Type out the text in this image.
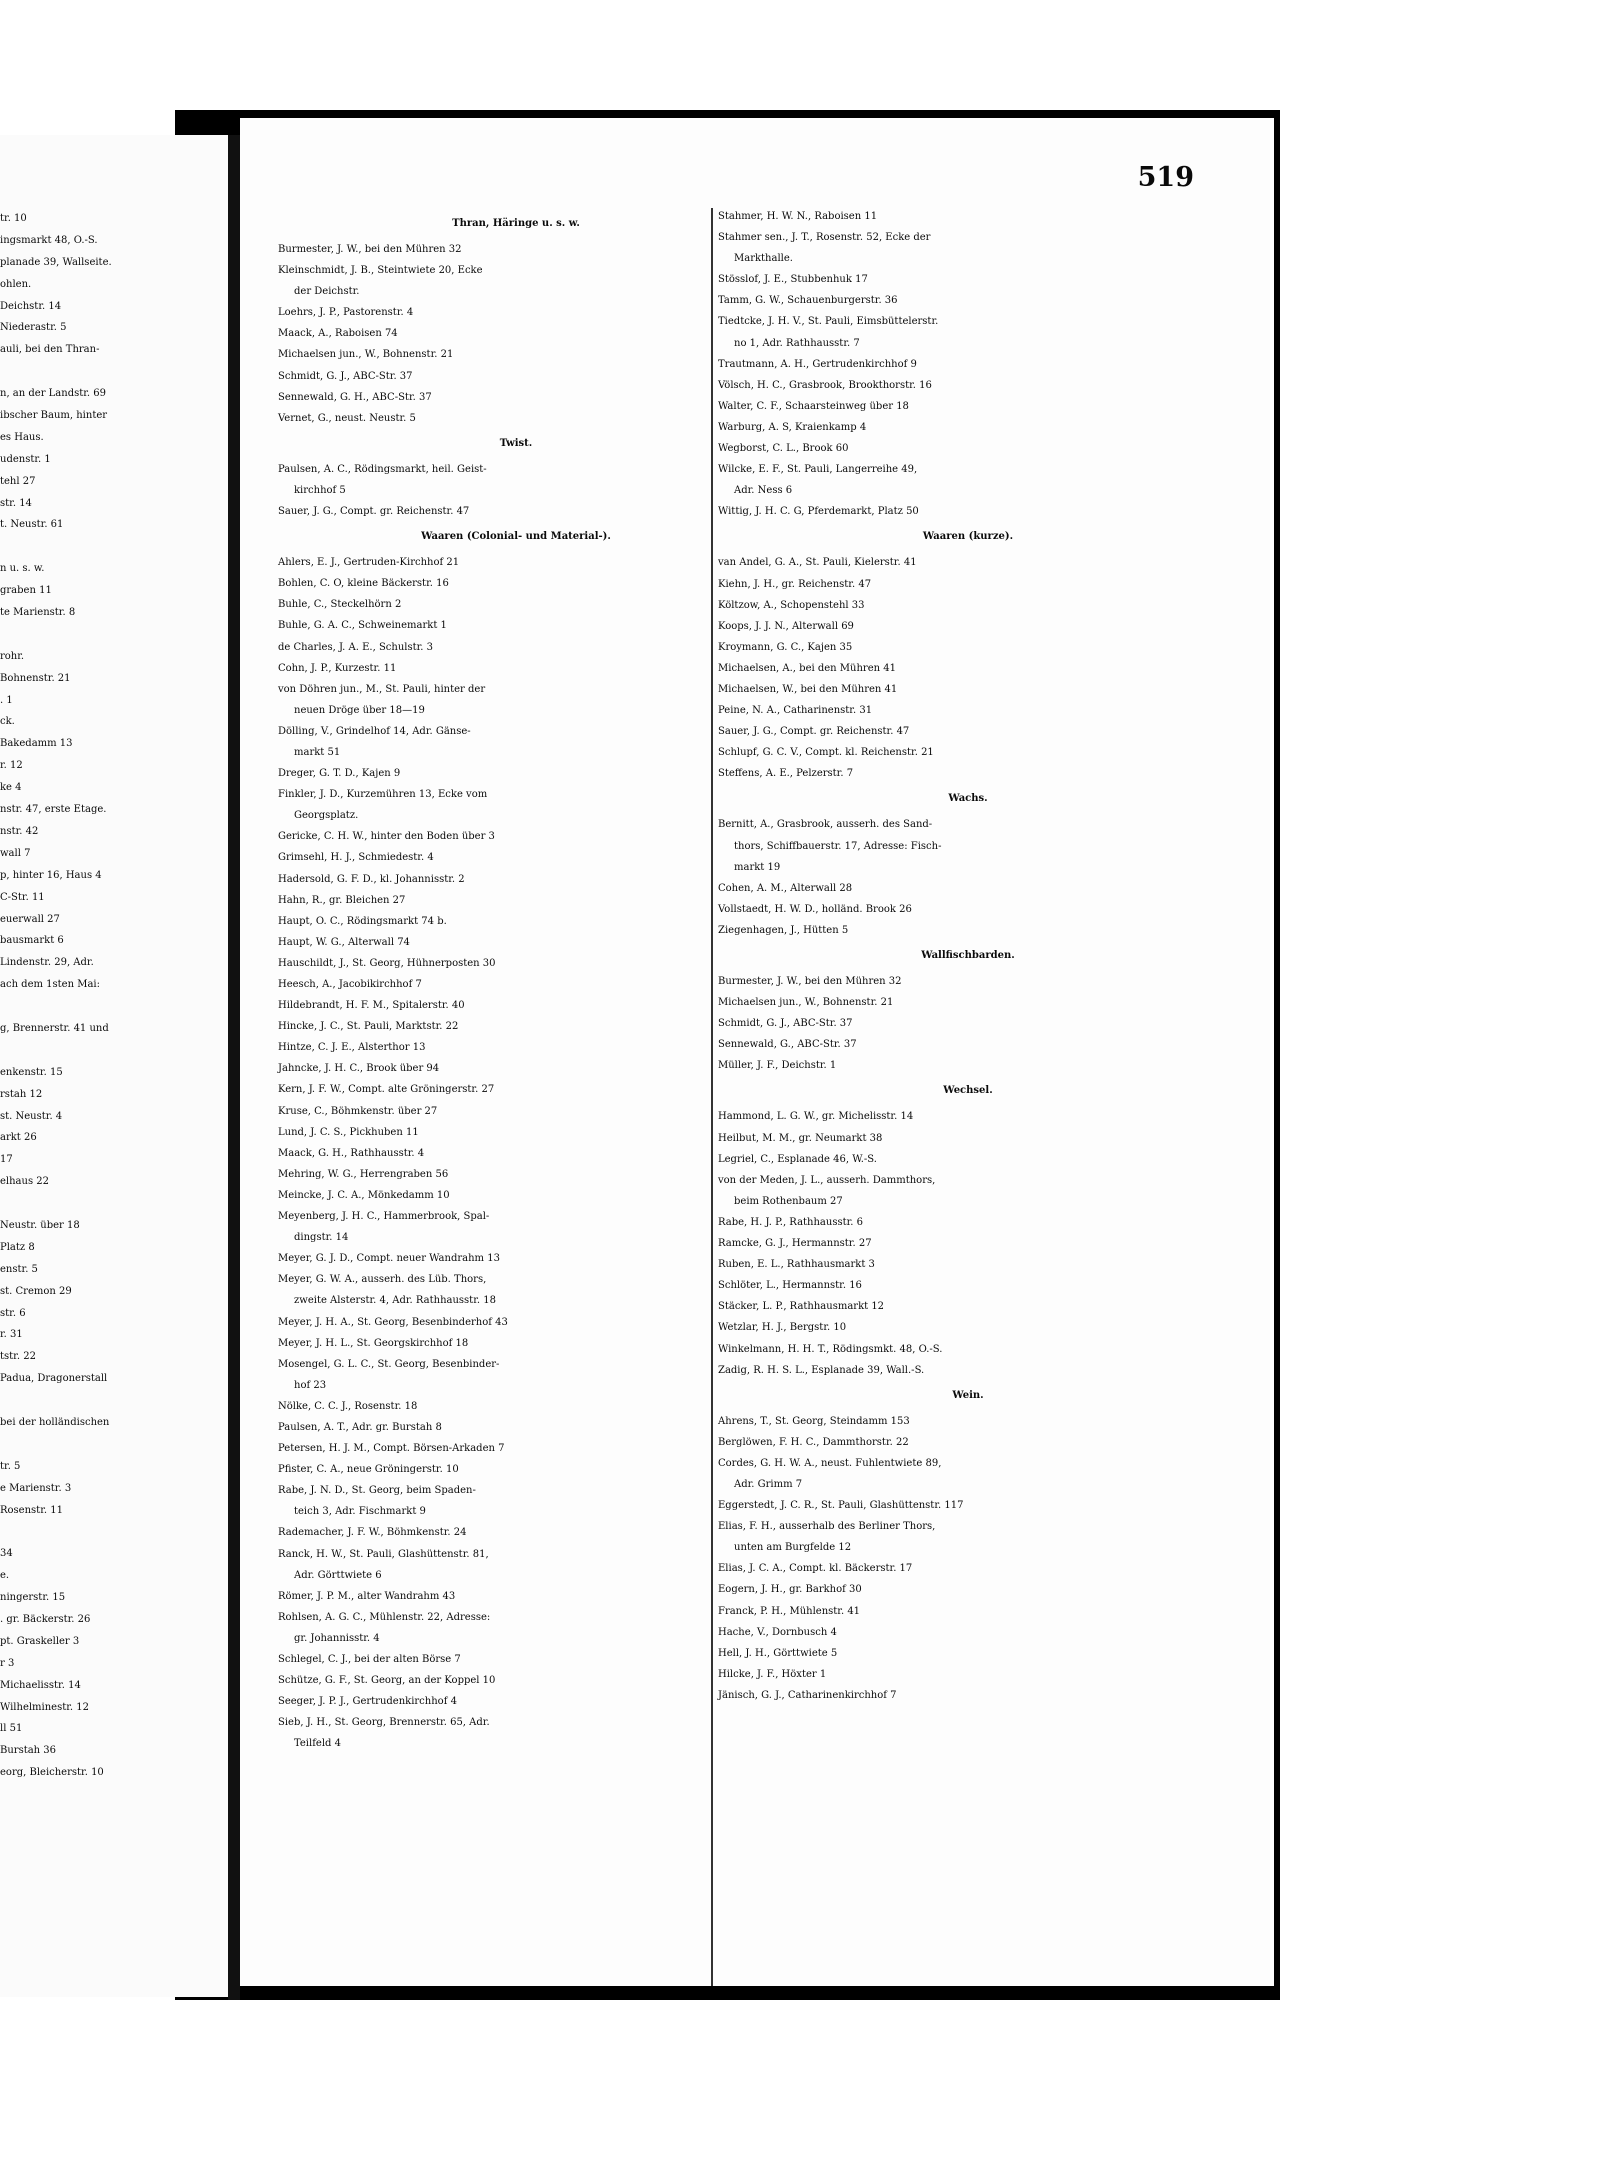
tr. 10
ingsmarkt 48, O.-S.
planade 39, Wallseite.
ohlen.
Deichstr. 14
Niederastr. 5
auli, bei den Thran-
n, an der Landstr. 69
ibscher Baum, hinter
es Haus.
udenstr. 1
tehl 27
str. 14
t. Neustr. 61
n u. s. w.
graben 11
te Marienstr. 8
rohr.
Bohnenstr. 21
. 1
ck.
Bakedamm 13
r. 12
ke 4
nstr. 47, erste Etage.
nstr. 42
wall 7
p, hinter 16, Haus 4
C-Str. 11
euerwall 27
bausmarkt 6
Lindenstr. 29, Adr.
ach dem 1sten Mai:
g, Brennerstr. 41 und
enkenstr. 15
rstah 12
st. Neustr. 4
arkt 26
17
elhaus 22
Neustr. über 18
Platz 8
enstr. 5
st. Cremon 29
str. 6
r. 31
tstr. 22
Padua, Dragonerstall
bei der holländischen
tr. 5
e Marienstr. 3
Rosenstr. 11
34
e.
ningerstr. 15
. gr. Bäckerstr. 26
pt. Graskeller 3
r 3
Michaelisstr. 14
Wilhelminestr. 12
ll 51
Burstah 36
eorg, Bleicherstr. 10
519
Thran, Häringe u. s. w.
Burmester, J. W., bei den Mühren 32
Kleinschmidt, J. B., Steintwiete 20, Ecke
der Deichstr.
Loehrs, J. P., Pastorenstr. 4
Maack, A., Raboisen 74
Michaelsen jun., W., Bohnenstr. 21
Schmidt, G. J., ABC-Str. 37
Sennewald, G. H., ABC-Str. 37
Vernet, G., neust. Neustr. 5
Twist.
Paulsen, A. C., Rödingsmarkt, heil. Geist-
kirchhof 5
Sauer, J. G., Compt. gr. Reichenstr. 47
Waaren (Colonial- und Material-).
Ahlers, E. J., Gertruden-Kirchhof 21
Bohlen, C. O, kleine Bäckerstr. 16
Buhle, C., Steckelhörn 2
Buhle, G. A. C., Schweinemarkt 1
de Charles, J. A. E., Schulstr. 3
Cohn, J. P., Kurzestr. 11
von Döhren jun., M., St. Pauli, hinter der
neuen Dröge über 18—19
Dölling, V., Grindelhof 14, Adr. Gänse-
markt 51
Dreger, G. T. D., Kajen 9
Finkler, J. D., Kurzemühren 13, Ecke vom
Georgsplatz.
Gericke, C. H. W., hinter den Boden über 3
Grimsehl, H. J., Schmiedestr. 4
Hadersold, G. F. D., kl. Johannisstr. 2
Hahn, R., gr. Bleichen 27
Haupt, O. C., Rödingsmarkt 74 b.
Haupt, W. G., Alterwall 74
Hauschildt, J., St. Georg, Hühnerposten 30
Heesch, A., Jacobikirchhof 7
Hildebrandt, H. F. M., Spitalerstr. 40
Hincke, J. C., St. Pauli, Marktstr. 22
Hintze, C. J. E., Alsterthor 13
Jahncke, J. H. C., Brook über 94
Kern, J. F. W., Compt. alte Gröningerstr. 27
Kruse, C., Böhmkenstr. über 27
Lund, J. C. S., Pickhuben 11
Maack, G. H., Rathhausstr. 4
Mehring, W. G., Herrengraben 56
Meincke, J. C. A., Mönkedamm 10
Meyenberg, J. H. C., Hammerbrook, Spal-
dingstr. 14
Meyer, G. J. D., Compt. neuer Wandrahm 13
Meyer, G. W. A., ausserh. des Lüb. Thors,
zweite Alsterstr. 4, Adr. Rathhausstr. 18
Meyer, J. H. A., St. Georg, Besenbinderhof 43
Meyer, J. H. L., St. Georgskirchhof 18
Mosengel, G. L. C., St. Georg, Besenbinder-
hof 23
Nölke, C. C. J., Rosenstr. 18
Paulsen, A. T., Adr. gr. Burstah 8
Petersen, H. J. M., Compt. Börsen-Arkaden 7
Pfister, C. A., neue Gröningerstr. 10
Rabe, J. N. D., St. Georg, beim Spaden-
teich 3, Adr. Fischmarkt 9
Rademacher, J. F. W., Böhmkenstr. 24
Ranck, H. W., St. Pauli, Glashüttenstr. 81,
Adr. Görttwiete 6
Römer, J. P. M., alter Wandrahm 43
Rohlsen, A. G. C., Mühlenstr. 22, Adresse:
gr. Johannisstr. 4
Schlegel, C. J., bei der alten Börse 7
Schütze, G. F., St. Georg, an der Koppel 10
Seeger, J. P. J., Gertrudenkirchhof 4
Sieb, J. H., St. Georg, Brennerstr. 65, Adr.
Teilfeld 4
Stahmer, H. W. N., Raboisen 11
Stahmer sen., J. T., Rosenstr. 52, Ecke der
Markthalle.
Stösslof, J. E., Stubbenhuk 17
Tamm, G. W., Schauenburgerstr. 36
Tiedtcke, J. H. V., St. Pauli, Eimsbüttelerstr.
no 1, Adr. Rathhausstr. 7
Trautmann, A. H., Gertrudenkirchhof 9
Völsch, H. C., Grasbrook, Brookthorstr. 16
Walter, C. F., Schaarsteinweg über 18
Warburg, A. S, Kraienkamp 4
Wegborst, C. L., Brook 60
Wilcke, E. F., St. Pauli, Langerreihe 49,
Adr. Ness 6
Wittig, J. H. C. G, Pferdemarkt, Platz 50
Waaren (kurze).
van Andel, G. A., St. Pauli, Kielerstr. 41
Kiehn, J. H., gr. Reichenstr. 47
Költzow, A., Schopenstehl 33
Koops, J. J. N., Alterwall 69
Kroymann, G. C., Kajen 35
Michaelsen, A., bei den Mühren 41
Michaelsen, W., bei den Mühren 41
Peine, N. A., Catharinenstr. 31
Sauer, J. G., Compt. gr. Reichenstr. 47
Schlupf, G. C. V., Compt. kl. Reichenstr. 21
Steffens, A. E., Pelzerstr. 7
Wachs.
Bernitt, A., Grasbrook, ausserh. des Sand-
thors, Schiffbauerstr. 17, Adresse: Fisch-
markt 19
Cohen, A. M., Alterwall 28
Vollstaedt, H. W. D., holländ. Brook 26
Ziegenhagen, J., Hütten 5
Wallfischbarden.
Burmester, J. W., bei den Mühren 32
Michaelsen jun., W., Bohnenstr. 21
Schmidt, G. J., ABC-Str. 37
Sennewald, G., ABC-Str. 37
Müller, J. F., Deichstr. 1
Wechsel.
Hammond, L. G. W., gr. Michelisstr. 14
Heilbut, M. M., gr. Neumarkt 38
Legriel, C., Esplanade 46, W.-S.
von der Meden, J. L., ausserh. Dammthors,
beim Rothenbaum 27
Rabe, H. J. P., Rathhausstr. 6
Ramcke, G. J., Hermannstr. 27
Ruben, E. L., Rathhausmarkt 3
Schlöter, L., Hermannstr. 16
Stäcker, L. P., Rathhausmarkt 12
Wetzlar, H. J., Bergstr. 10
Winkelmann, H. H. T., Rödingsmkt. 48, O.-S.
Zadig, R. H. S. L., Esplanade 39, Wall.-S.
Wein.
Ahrens, T., St. Georg, Steindamm 153
Berglöwen, F. H. C., Dammthorstr. 22
Cordes, G. H. W. A., neust. Fuhlentwiete 89,
Adr. Grimm 7
Eggerstedt, J. C. R., St. Pauli, Glashüttenstr. 117
Elias, F. H., ausserhalb des Berliner Thors,
unten am Burgfelde 12
Elias, J. C. A., Compt. kl. Bäckerstr. 17
Eogern, J. H., gr. Barkhof 30
Franck, P. H., Mühlenstr. 41
Hache, V., Dornbusch 4
Hell, J. H., Görttwiete 5
Hilcke, J. F., Höxter 1
Jänisch, G. J., Catharinenkirchhof 7
